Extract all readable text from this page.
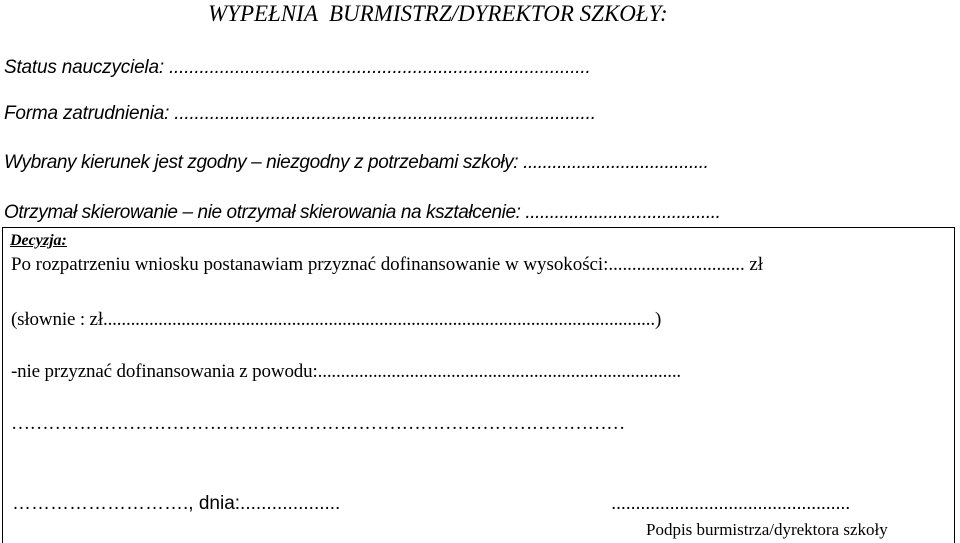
WYPEŁNIA  BURMISTRZ/DYREKTOR SZKOŁY:
Status nauczyciela: ...................................................................................
Forma zatrudnienia: ...................................................................................
Wybrany kierunek jest zgodny – niezgodny z potrzebami szkoły: ......................................
Otrzymał skierowanie – nie otrzymał skierowania na kształcenie: ........................................
Decyzja:
Po rozpatrzeniu wniosku postanawiam przyznać dofinansowanie w wysokości:............................. zł
(słownie : zł........................................................................................................................)
-nie przyznać dofinansowania z powodu:...............................................................................
………………………………………………………………………………………
………………………., dnia:...................	.................................................
Podpis burmistrza/dyrektora szkoły
